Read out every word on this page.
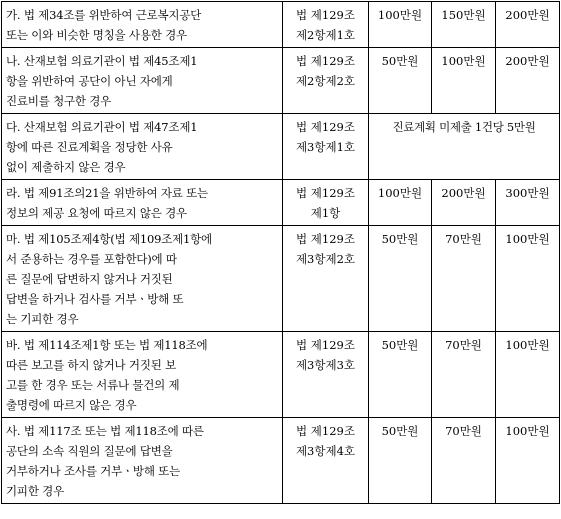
가. 법 제34조를 위반하여 근로복지공단
또는 이와 비슷한 명칭을 사용한 경우	법 제129조
제2항제1호	100만원	150만원	200만원

나. 산재보험 의료기관이 법 제45조제1
항을 위반하여 공단이 아닌 자에게
진료비를 청구한 경우	법 제129조
제2항제2호	50만원	100만원	200만원

다. 산재보험 의료기관이 법 제47조제1
항에 따른 진료계획을 정당한 사유
없이 제출하지 않은 경우	법 제129조
제3항제1호	진료계획 미제출 1건당 5만원		

라. 법 제91조의21을 위반하여 자료 또는
정보의 제공 요청에 따르지 않은 경우	법 제129조
제1항	100만원	200만원	300만원

마. 법 제105조제4항(법 제109조제1항에
서 준용하는 경우를 포함한다)에 따
른 질문에 답변하지 않거나 거짓된
답변을 하거나 검사를 거부ㆍ방해 또
는 기피한 경우	법 제129조
제3항제2호	50만원	70만원	100만원

바. 법 제114조제1항 또는 법 제118조에
따른 보고를 하지 않거나 거짓된 보
고를 한 경우 또는 서류나 물건의 제
출명령에 따르지 않은 경우	법 제129조
제3항제3호	50만원	70만원	100만원

사. 법 제117조 또는 법 제118조에 따른
공단의 소속 직원의 질문에 답변을
거부하거나 조사를 거부ㆍ방해 또는
기피한 경우	법 제129조
제3항제4호	50만원	70만원	100만원
